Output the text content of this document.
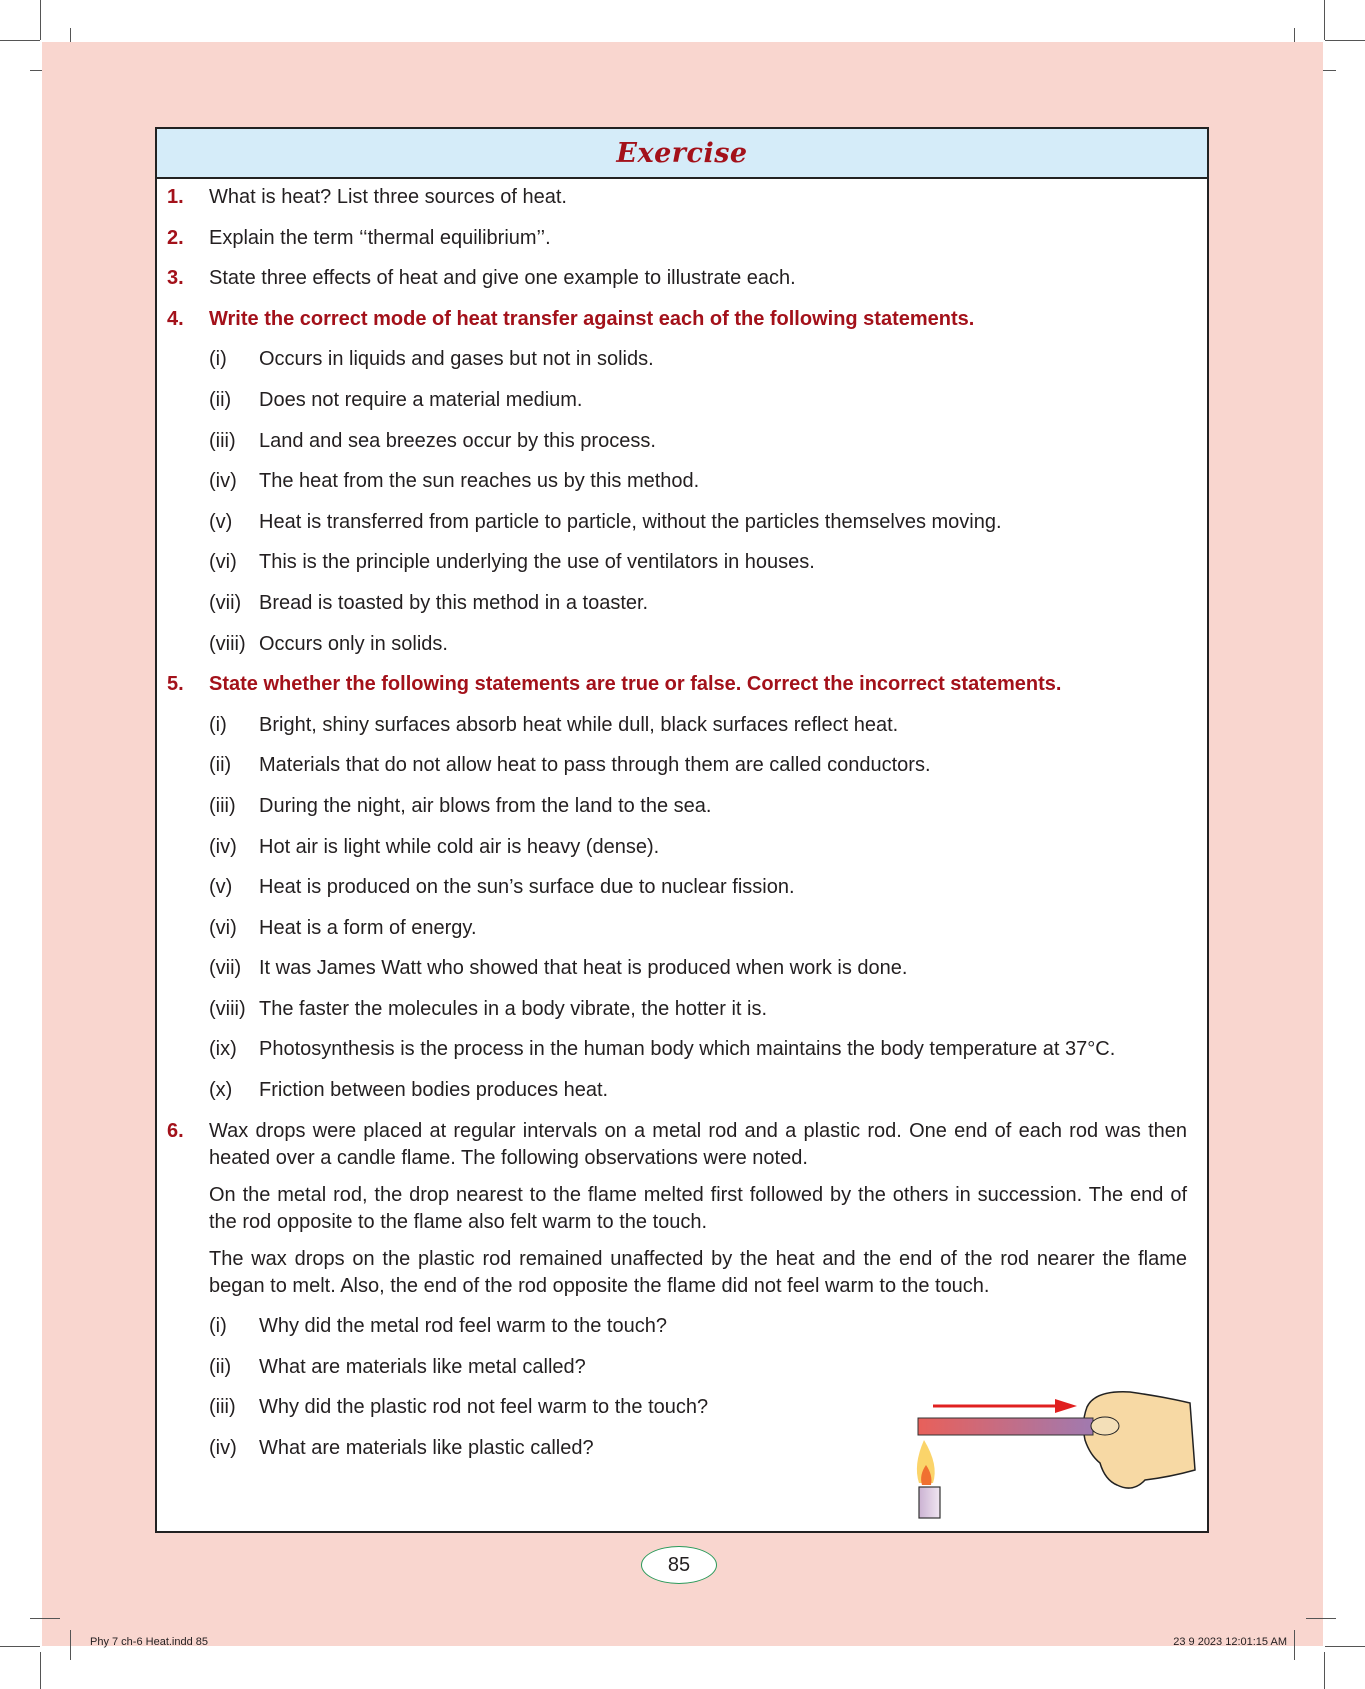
Exercise
1. What is heat? List three sources of heat.
2. Explain the term ‘‘thermal equilibrium’’.
3. State three effects of heat and give one example to illustrate each.
4. Write the correct mode of heat transfer against each of the following statements.
(i) Occurs in liquids and gases but not in solids.
(ii) Does not require a material medium.
(iii) Land and sea breezes occur by this process.
(iv) The heat from the sun reaches us by this method.
(v) Heat is transferred from particle to particle, without the particles themselves moving.
(vi) This is the principle underlying the use of ventilators in houses.
(vii) Bread is toasted by this method in a toaster.
(viii) Occurs only in solids.
5. State whether the following statements are true or false. Correct the incorrect statements.
(i) Bright, shiny surfaces absorb heat while dull, black surfaces reflect heat.
(ii) Materials that do not allow heat to pass through them are called conductors.
(iii) During the night, air blows from the land to the sea.
(iv) Hot air is light while cold air is heavy (dense).
(v) Heat is produced on the sun’s surface due to nuclear fission.
(vi) Heat is a form of energy.
(vii) It was James Watt who showed that heat is produced when work is done.
(viii) The faster the molecules in a body vibrate, the hotter it is.
(ix) Photosynthesis is the process in the human body which maintains the body temperature at 37°C.
(x) Friction between bodies produces heat.
6. Wax drops were placed at regular intervals on a metal rod and a plastic rod. One end of each rod was then heated over a candle flame. The following observations were noted.
On the metal rod, the drop nearest to the flame melted first followed by the others in succession. The end of the rod opposite to the flame also felt warm to the touch.
The wax drops on the plastic rod remained unaffected by the heat and the end of the rod nearer the flame began to melt. Also, the end of the rod opposite the flame did not feel warm to the touch.
(i) Why did the metal rod feel warm to the touch?
(ii) What are materials like metal called?
(iii) Why did the plastic rod not feel warm to the touch?
(iv) What are materials like plastic called?
85
Phy 7 ch-6 Heat.indd 85	23 9 2023 12:01:15 AM
